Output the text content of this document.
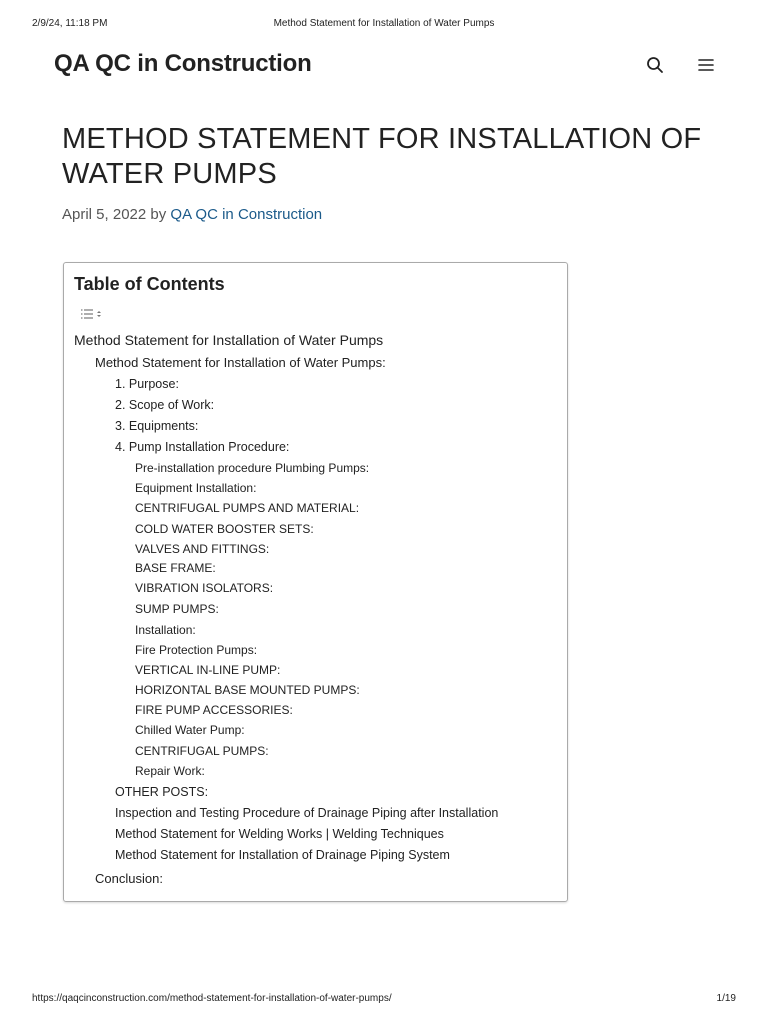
2/9/24, 11:18 PM	Method Statement for Installation of Water Pumps
QA QC in Construction
METHOD STATEMENT FOR INSTALLATION OF
WATER PUMPS
April 5, 2022 by QA QC in Construction
Table of Contents
Method Statement for Installation of Water Pumps
Method Statement for Installation of Water Pumps:
1. Purpose:
2. Scope of Work:
3. Equipments:
4. Pump Installation Procedure:
Pre-installation procedure Plumbing Pumps:
Equipment Installation:
CENTRIFUGAL PUMPS AND MATERIAL:
COLD WATER BOOSTER SETS:
VALVES AND FITTINGS:
BASE FRAME:
VIBRATION ISOLATORS:
SUMP PUMPS:
Installation:
Fire Protection Pumps:
VERTICAL IN-LINE PUMP:
HORIZONTAL BASE MOUNTED PUMPS:
FIRE PUMP ACCESSORIES:
Chilled Water Pump:
CENTRIFUGAL PUMPS:
Repair Work:
OTHER POSTS:
Inspection and Testing Procedure of Drainage Piping after Installation
Method Statement for Welding Works | Welding Techniques
Method Statement for Installation of Drainage Piping System
Conclusion:
https://qaqcinconstruction.com/method-statement-for-installation-of-water-pumps/	1/19
